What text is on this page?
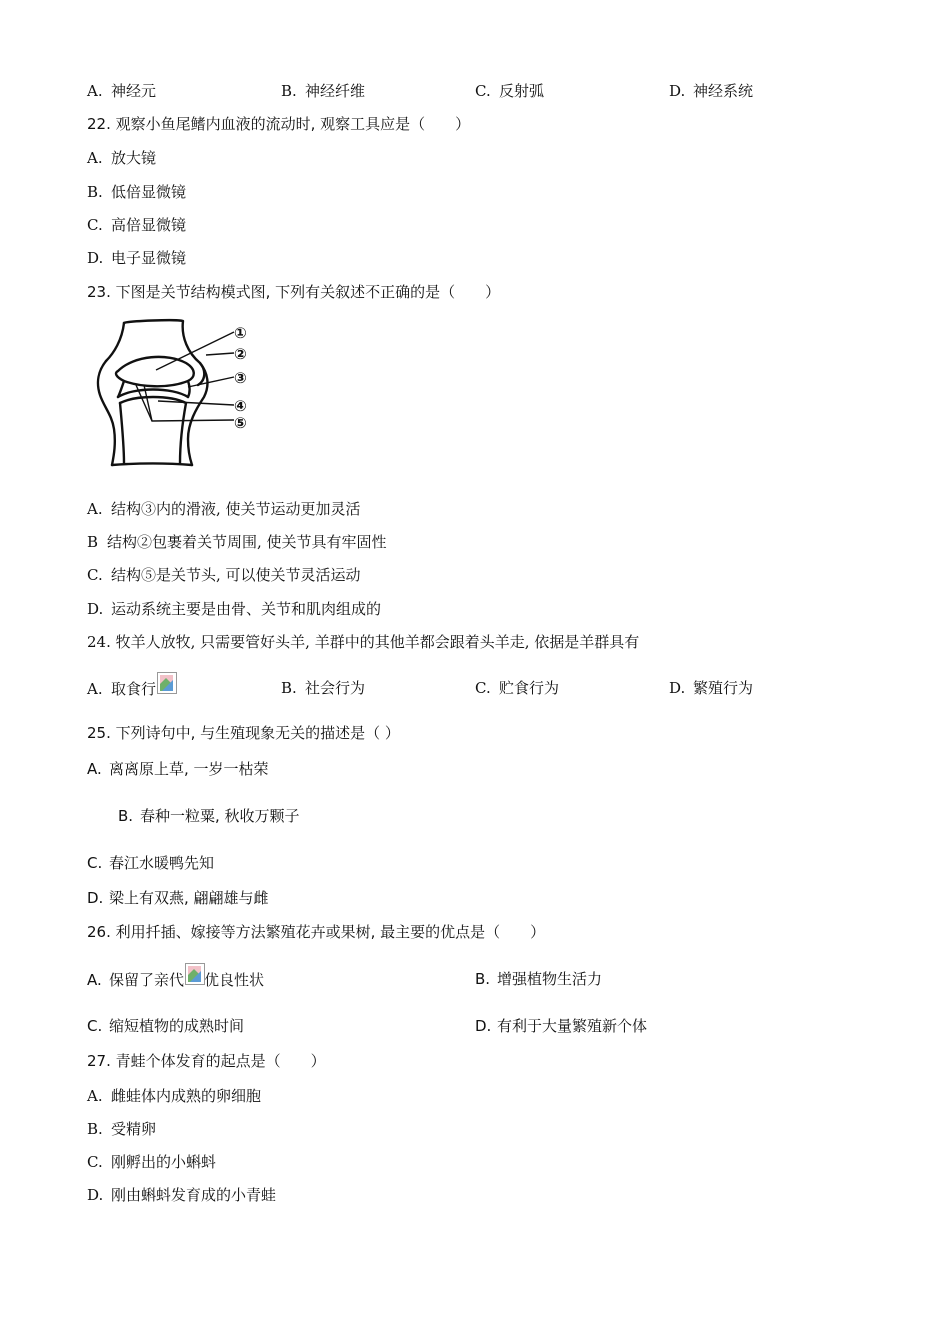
A. 神经元	B. 神经纤维	C. 反射弧	D. 神经系统
22. 观察小鱼尾鳍内血液的流动时, 观察工具应是（　　）
A. 放大镜
B. 低倍显微镜
C. 高倍显微镜
D. 电子显微镜
23. 下图是关节结构模式图, 下列有关叙述不正确的是（　　）
①
②
③
④
⑤
A. 结构③内的滑液, 使关节运动更加灵活
B 结构②包裹着关节周围, 使关节具有牢固性
C. 结构⑤是关节头, 可以使关节灵活运动
D. 运动系统主要是由骨、关节和肌肉组成的
24. 牧羊人放牧, 只需要管好头羊, 羊群中的其他羊都会跟着头羊走, 依据是羊群具有
A. 取食行	B. 社会行为	C. 贮食行为	D. 繁殖行为
25. 下列诗句中, 与生殖现象无关的描述是（ ）
A. 离离原上草, 一岁一枯荣
B. 春种一粒粟, 秋收万颗子
C. 春江水暖鸭先知
D. 梁上有双燕, 翩翩雄与雌
26. 利用扦插、嫁接等方法繁殖花卉或果树, 最主要的优点是（　　）
A. 保留了亲代 优良性状	B. 增强植物生活力
C. 缩短植物的成熟时间	D. 有利于大量繁殖新个体
27. 青蛙个体发育的起点是（　　）
A. 雌蛙体内成熟的卵细胞
B. 受精卵
C. 刚孵出的小蝌蚪
D. 刚由蝌蚪发育成的小青蛙
